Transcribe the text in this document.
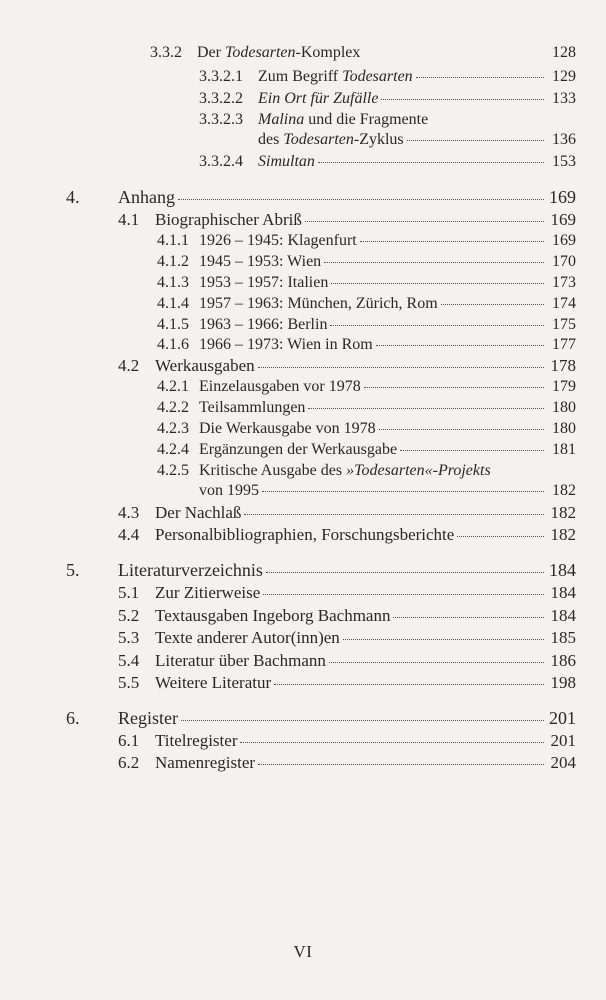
3.3.2 Der Todesarten-Komplex	128
3.3.2.1 Zum Begriff Todesarten	129
3.3.2.2 Ein Ort für Zufälle	133
3.3.2.3 Malina und die Fragmente
des Todesarten-Zyklus	136
3.3.2.4 Simultan	153
4.	Anhang	169
4.1 Biographischer Abriß	169
4.1.1 1926 – 1945: Klagenfurt	169
4.1.2 1945 – 1953: Wien	170
4.1.3 1953 – 1957: Italien	173
4.1.4 1957 – 1963: München, Zürich, Rom	174
4.1.5 1963 – 1966: Berlin	175
4.1.6 1966 – 1973: Wien in Rom	177
4.2 Werkausgaben	178
4.2.1 Einzelausgaben vor 1978	179
4.2.2 Teilsammlungen	180
4.2.3 Die Werkausgabe von 1978	180
4.2.4 Ergänzungen der Werkausgabe	181
4.2.5 Kritische Ausgabe des »Todesarten«-Projekts
von 1995	182
4.3 Der Nachlaß	182
4.4 Personalbibliographien, Forschungsberichte	182
5.	Literaturverzeichnis	184
5.1 Zur Zitierweise	184
5.2 Textausgaben Ingeborg Bachmann	184
5.3 Texte anderer Autor(inn)en	185
5.4 Literatur über Bachmann	186
5.5 Weitere Literatur	198
6.	Register	201
6.1 Titelregister	201
6.2 Namenregister	204
VI
